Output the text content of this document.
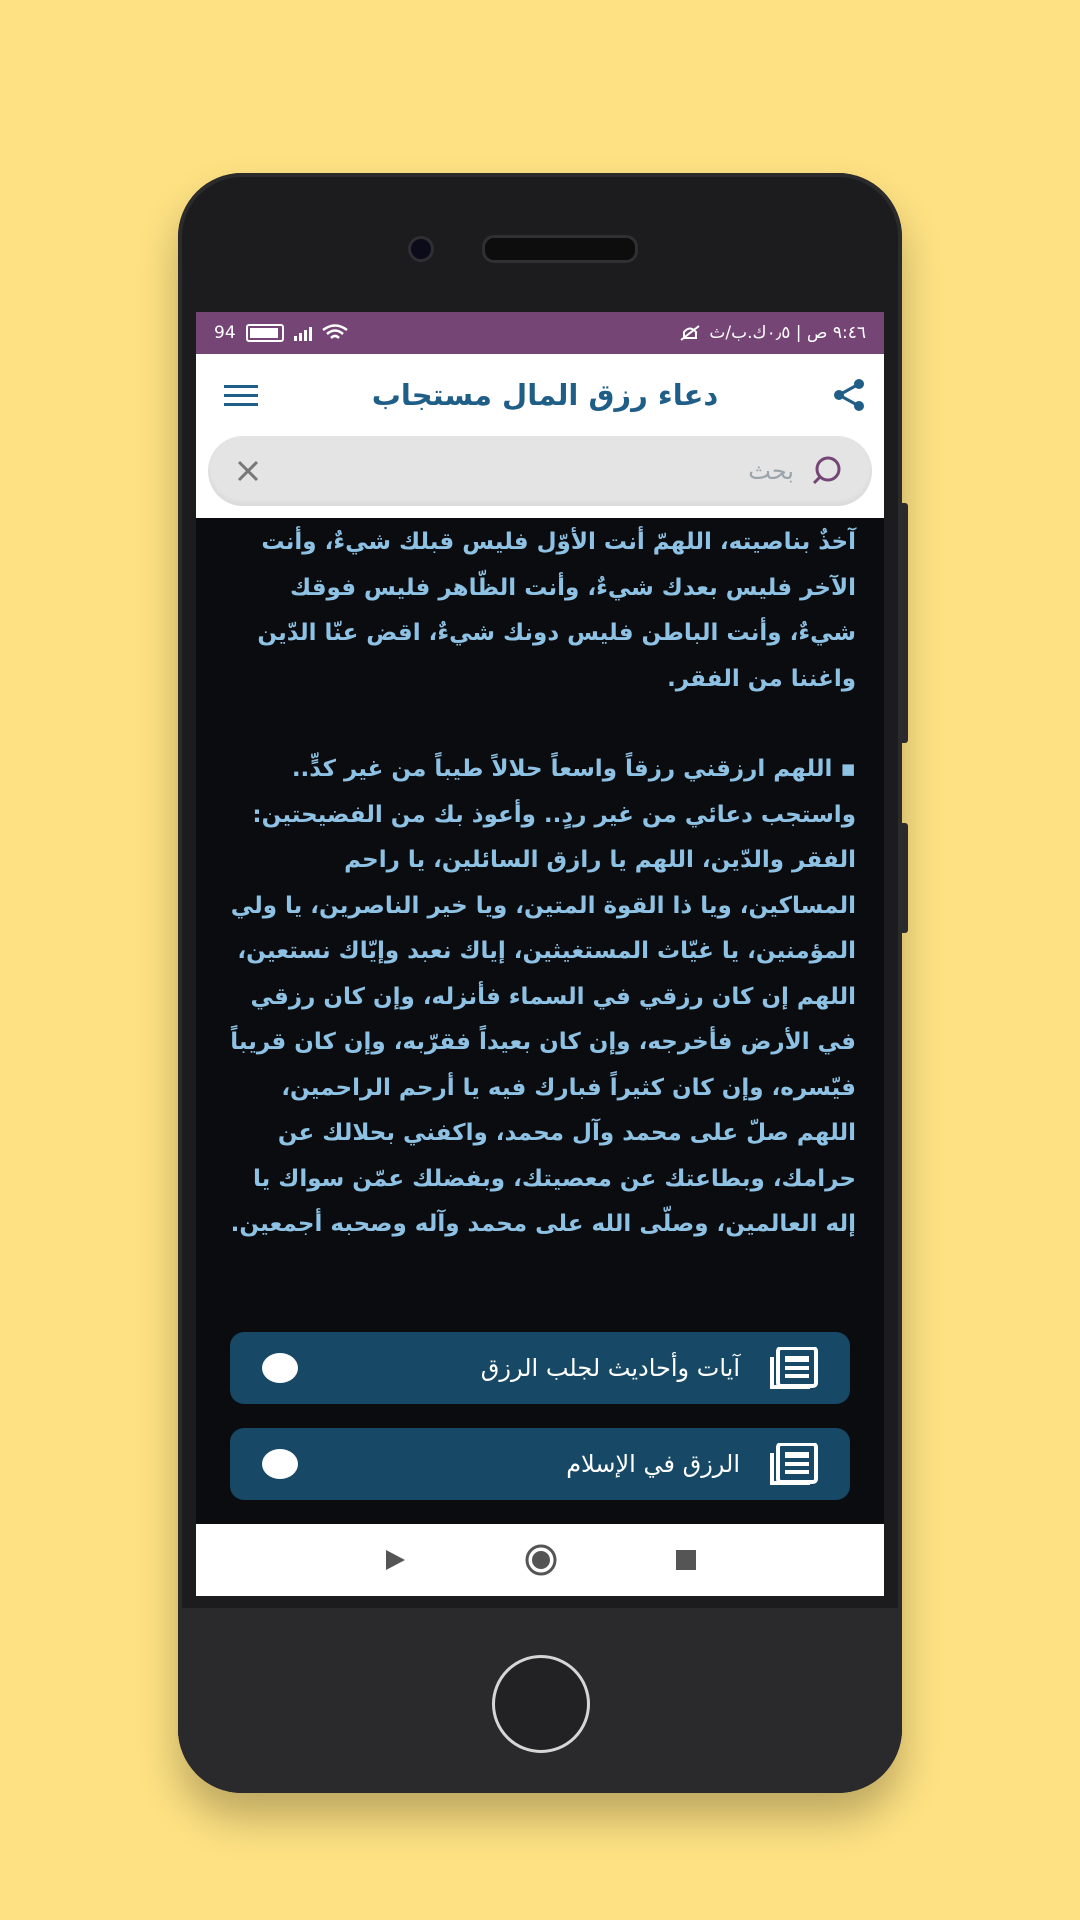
94	٩:٤٦ ص | ٠٫٥ك.ب/ث
دعاء رزق المال مستجاب
بحث

آخذٌ بناصيته، اللهمّ أنت الأوّل فليس قبلك شيءٌ، وأنت الآخر فليس بعدك شيءٌ، وأنت الظّاهر فليس فوقك شيءٌ، وأنت الباطن فليس دونك شيءٌ، اقض عنّا الدّين واغننا من الفقر.

▪ اللهم ارزقني رزقاً واسعاً حلالاً طيباً من غير كدٍّ.. واستجب دعائي من غير ردٍ.. وأعوذ بك من الفضيحتين: الفقر والدّين، اللهم يا رازق السائلين، يا راحم المساكين، ويا ذا القوة المتين، ويا خير الناصرين، يا ولي المؤمنين، يا غيّاث المستغيثين، إياك نعبد وإيّاك نستعين، اللهم إن كان رزقي في السماء فأنزله، وإن كان رزقي في الأرض فأخرجه، وإن كان بعيداً فقرّبه، وإن كان قريباً فيّسره، وإن كان كثيراً فبارك فيه يا أرحم الراحمين، اللهم صلّ على محمد وآل محمد، واكفني بحلالك عن حرامك، وبطاعتك عن معصيتك، وبفضلك عمّن سواك يا إله العالمين، وصلّى الله على محمد وآله وصحبه أجمعين.

آيات وأحاديث لجلب الرزق
الرزق في الإسلام
